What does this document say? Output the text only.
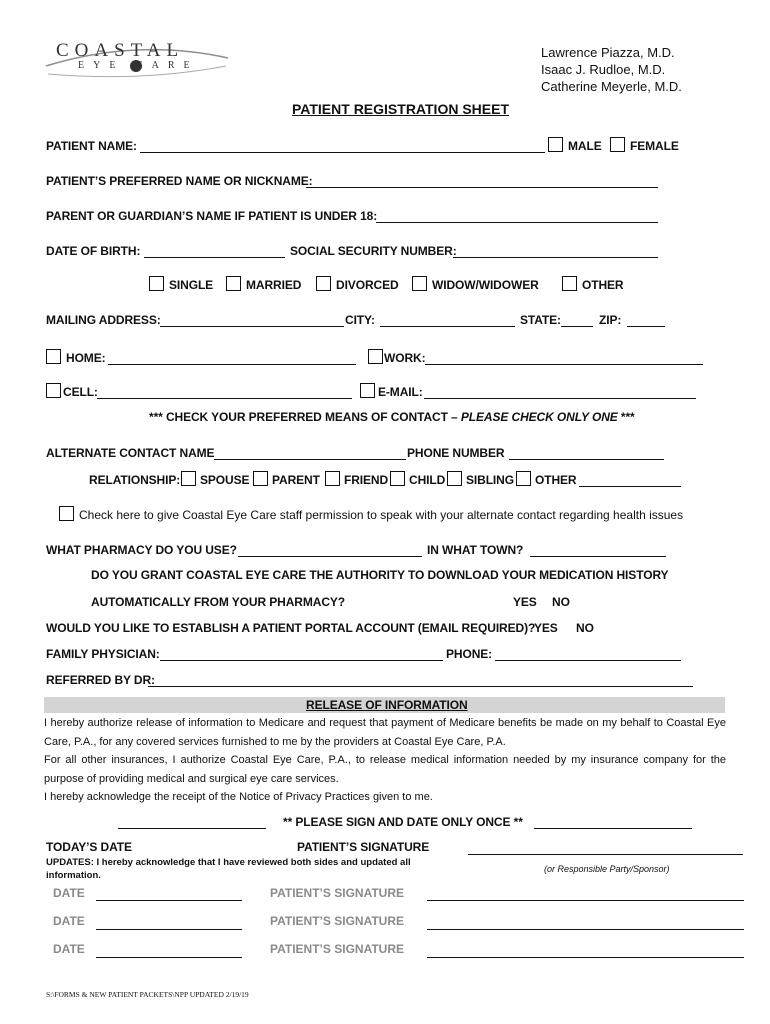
COASTAL
EYE CARE
Lawrence Piazza, M.D.
Isaac J. Rudloe, M.D.
Catherine Meyerle, M.D.
PATIENT REGISTRATION SHEET
PATIENT NAME:	MALE FEMALE
PATIENT’S PREFERRED NAME OR NICKNAME:
PARENT OR GUARDIAN’S NAME IF PATIENT IS UNDER 18:
DATE OF BIRTH:	SOCIAL SECURITY NUMBER:
SINGLE	MARRIED	DIVORCED	WIDOW/WIDOWER	OTHER
MAILING ADDRESS:	CITY:	STATE:	ZIP:
HOME:	WORK:
CELL:	E-MAIL:
*** CHECK YOUR PREFERRED MEANS OF CONTACT – PLEASE CHECK ONLY ONE ***
ALTERNATE CONTACT NAME	PHONE NUMBER
RELATIONSHIP: SPOUSE PARENT FRIEND CHILD SIBLING OTHER
Check here to give Coastal Eye Care staff permission to speak with your alternate contact regarding health issues
WHAT PHARMACY DO YOU USE?	IN WHAT TOWN?
DO YOU GRANT COASTAL EYE CARE THE AUTHORITY TO DOWNLOAD YOUR MEDICATION HISTORY
AUTOMATICALLY FROM YOUR PHARMACY?	YES NO
WOULD YOU LIKE TO ESTABLISH A PATIENT PORTAL ACCOUNT (EMAIL REQUIRED)?
YES NO
FAMILY PHYSICIAN:	PHONE:
REFERRED BY DR:
RELEASE OF INFORMATION
I hereby authorize release of information to Medicare and request that payment of Medicare benefits be made on my behalf to Coastal Eye Care, P.A., for any covered services furnished to me by the providers at Coastal Eye Care, P.A.
For all other insurances, I authorize Coastal Eye Care, P.A., to release medical information needed by my insurance company for the purpose of providing medical and surgical eye care services.
I hereby acknowledge the receipt of the Notice of Privacy Practices given to me.
** PLEASE SIGN AND DATE ONLY ONCE **
TODAY’S DATE	PATIENT’S SIGNATURE
UPDATES: I hereby acknowledge that I have reviewed both sides and updated all information.
(or Responsible Party/Sponsor)
DATE	PATIENT’S SIGNATURE
DATE	PATIENT’S SIGNATURE
DATE	PATIENT’S SIGNATURE
S:\FORMS & NEW PATIENT PACKETS\NPP UPDATED 2/19/19
